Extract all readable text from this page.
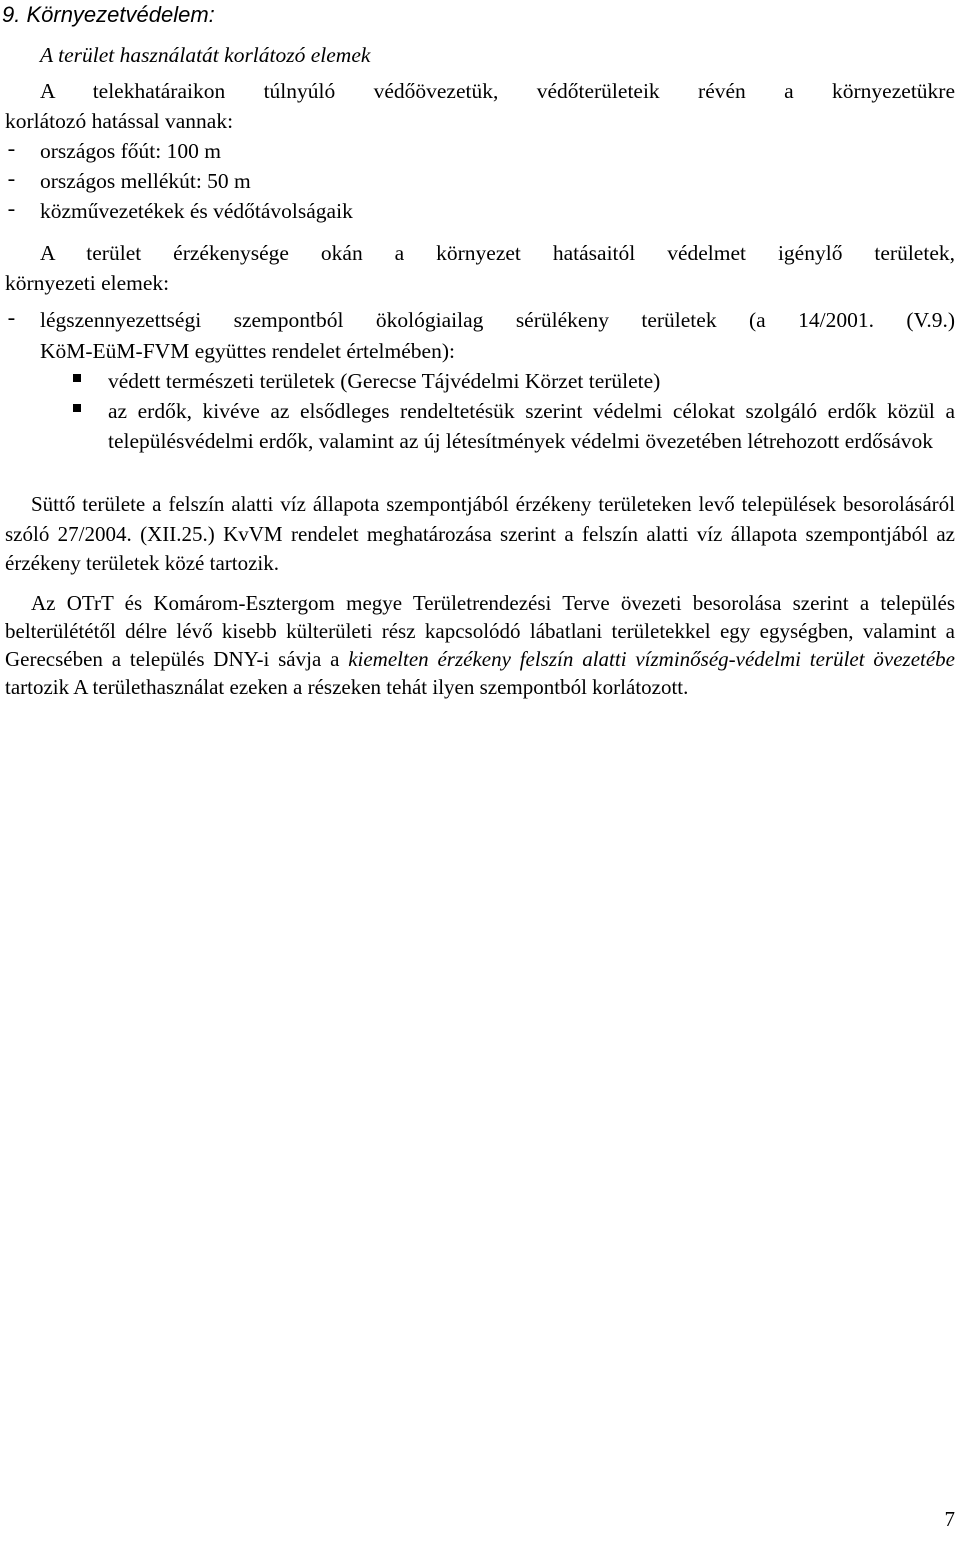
9. Környezetvédelem:
A terület használatát korlátozó elemek
A telekhatáraikon túlnyúló védőövezetük, védőterületeik révén a környezetükre
korlátozó hatással vannak:
- országos főút: 100 m
- országos mellékút: 50 m
- közművezetékek és védőtávolságaik
A terület érzékenysége okán a környezet hatásaitól védelmet igénylő területek,
környezeti elemek:
- légszennyezettségi szempontból ökológiailag sérülékeny területek (a 14/2001. (V.9.)
KöM-EüM-FVM együttes rendelet értelmében):
védett természeti területek (Gerecse Tájvédelmi Körzet területe)
az erdők, kivéve az elsődleges rendeltetésük szerint védelmi célokat szolgáló erdők közül a településvédelmi erdők, valamint az új létesítmények védelmi övezetében létrehozott erdősávok
Süttő területe a felszín alatti víz állapota szempontjából érzékeny területeken levő települések besorolásáról szóló 27/2004. (XII.25.) KvVM rendelet meghatározása szerint a felszín alatti víz állapota szempontjából az érzékeny területek közé tartozik.
Az OTrT és Komárom-Esztergom megye Területrendezési Terve övezeti besorolása szerint a település belterülététől délre lévő kisebb külterületi rész kapcsolódó lábatlani területekkel egy egységben, valamint a Gerecsében a település DNY-i sávja a kiemelten érzékeny felszín alatti vízminőség-védelmi terület övezetébe tartozik A területhasználat ezeken a részeken tehát ilyen szempontból korlátozott.
7
